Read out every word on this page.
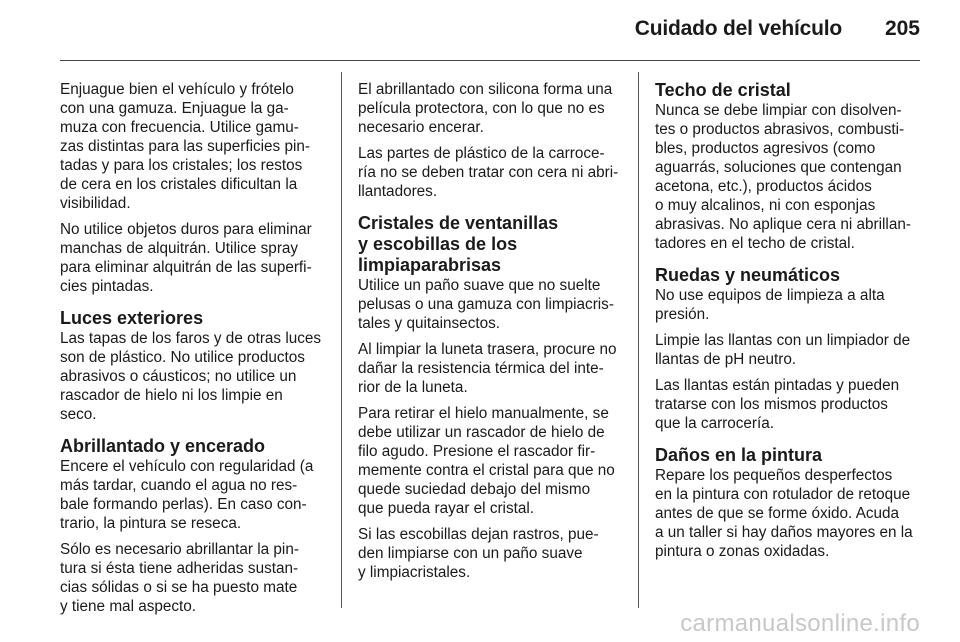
Cuidado del vehículo 205

Enjuague bien el vehículo y frótelo
con una gamuza. Enjuague la ga-
muza con frecuencia. Utilice gamu-
zas distintas para las superficies pin-
tadas y para los cristales; los restos
de cera en los cristales dificultan la
visibilidad.

No utilice objetos duros para eliminar
manchas de alquitrán. Utilice spray
para eliminar alquitrán de las superfi-
cies pintadas.

Luces exteriores

Las tapas de los faros y de otras luces
son de plástico. No utilice productos
abrasivos o cáusticos; no utilice un
rascador de hielo ni los limpie en
seco.

Abrillantado y encerado

Encere el vehículo con regularidad (a
más tardar, cuando el agua no res-
bale formando perlas). En caso con-
trario, la pintura se reseca.

Sólo es necesario abrillantar la pin-
tura si ésta tiene adheridas sustan-
cias sólidas o si se ha puesto mate
y tiene mal aspecto.

El abrillantado con silicona forma una
película protectora, con lo que no es
necesario encerar.

Las partes de plástico de la carroce-
ría no se deben tratar con cera ni abri-
llantadores.

Cristales de ventanillas
y escobillas de los
limpiaparabrisas

Utilice un paño suave que no suelte
pelusas o una gamuza con limpiacris-
tales y quitainsectos.

Al limpiar la luneta trasera, procure no
dañar la resistencia térmica del inte-
rior de la luneta.

Para retirar el hielo manualmente, se
debe utilizar un rascador de hielo de
filo agudo. Presione el rascador fir-
memente contra el cristal para que no
quede suciedad debajo del mismo
que pueda rayar el cristal.

Si las escobillas dejan rastros, pue-
den limpiarse con un paño suave
y limpiacristales.

Techo de cristal

Nunca se debe limpiar con disolven-
tes o productos abrasivos, combusti-
bles, productos agresivos (como
aguarrás, soluciones que contengan
acetona, etc.), productos ácidos
o muy alcalinos, ni con esponjas
abrasivas. No aplique cera ni abrillan-
tadores en el techo de cristal.

Ruedas y neumáticos

No use equipos de limpieza a alta
presión.

Limpie las llantas con un limpiador de
llantas de pH neutro.

Las llantas están pintadas y pueden
tratarse con los mismos productos
que la carrocería.

Daños en la pintura

Repare los pequeños desperfectos
en la pintura con rotulador de retoque
antes de que se forme óxido. Acuda
a un taller si hay daños mayores en la
pintura o zonas oxidadas.

carmanualsonline.info
